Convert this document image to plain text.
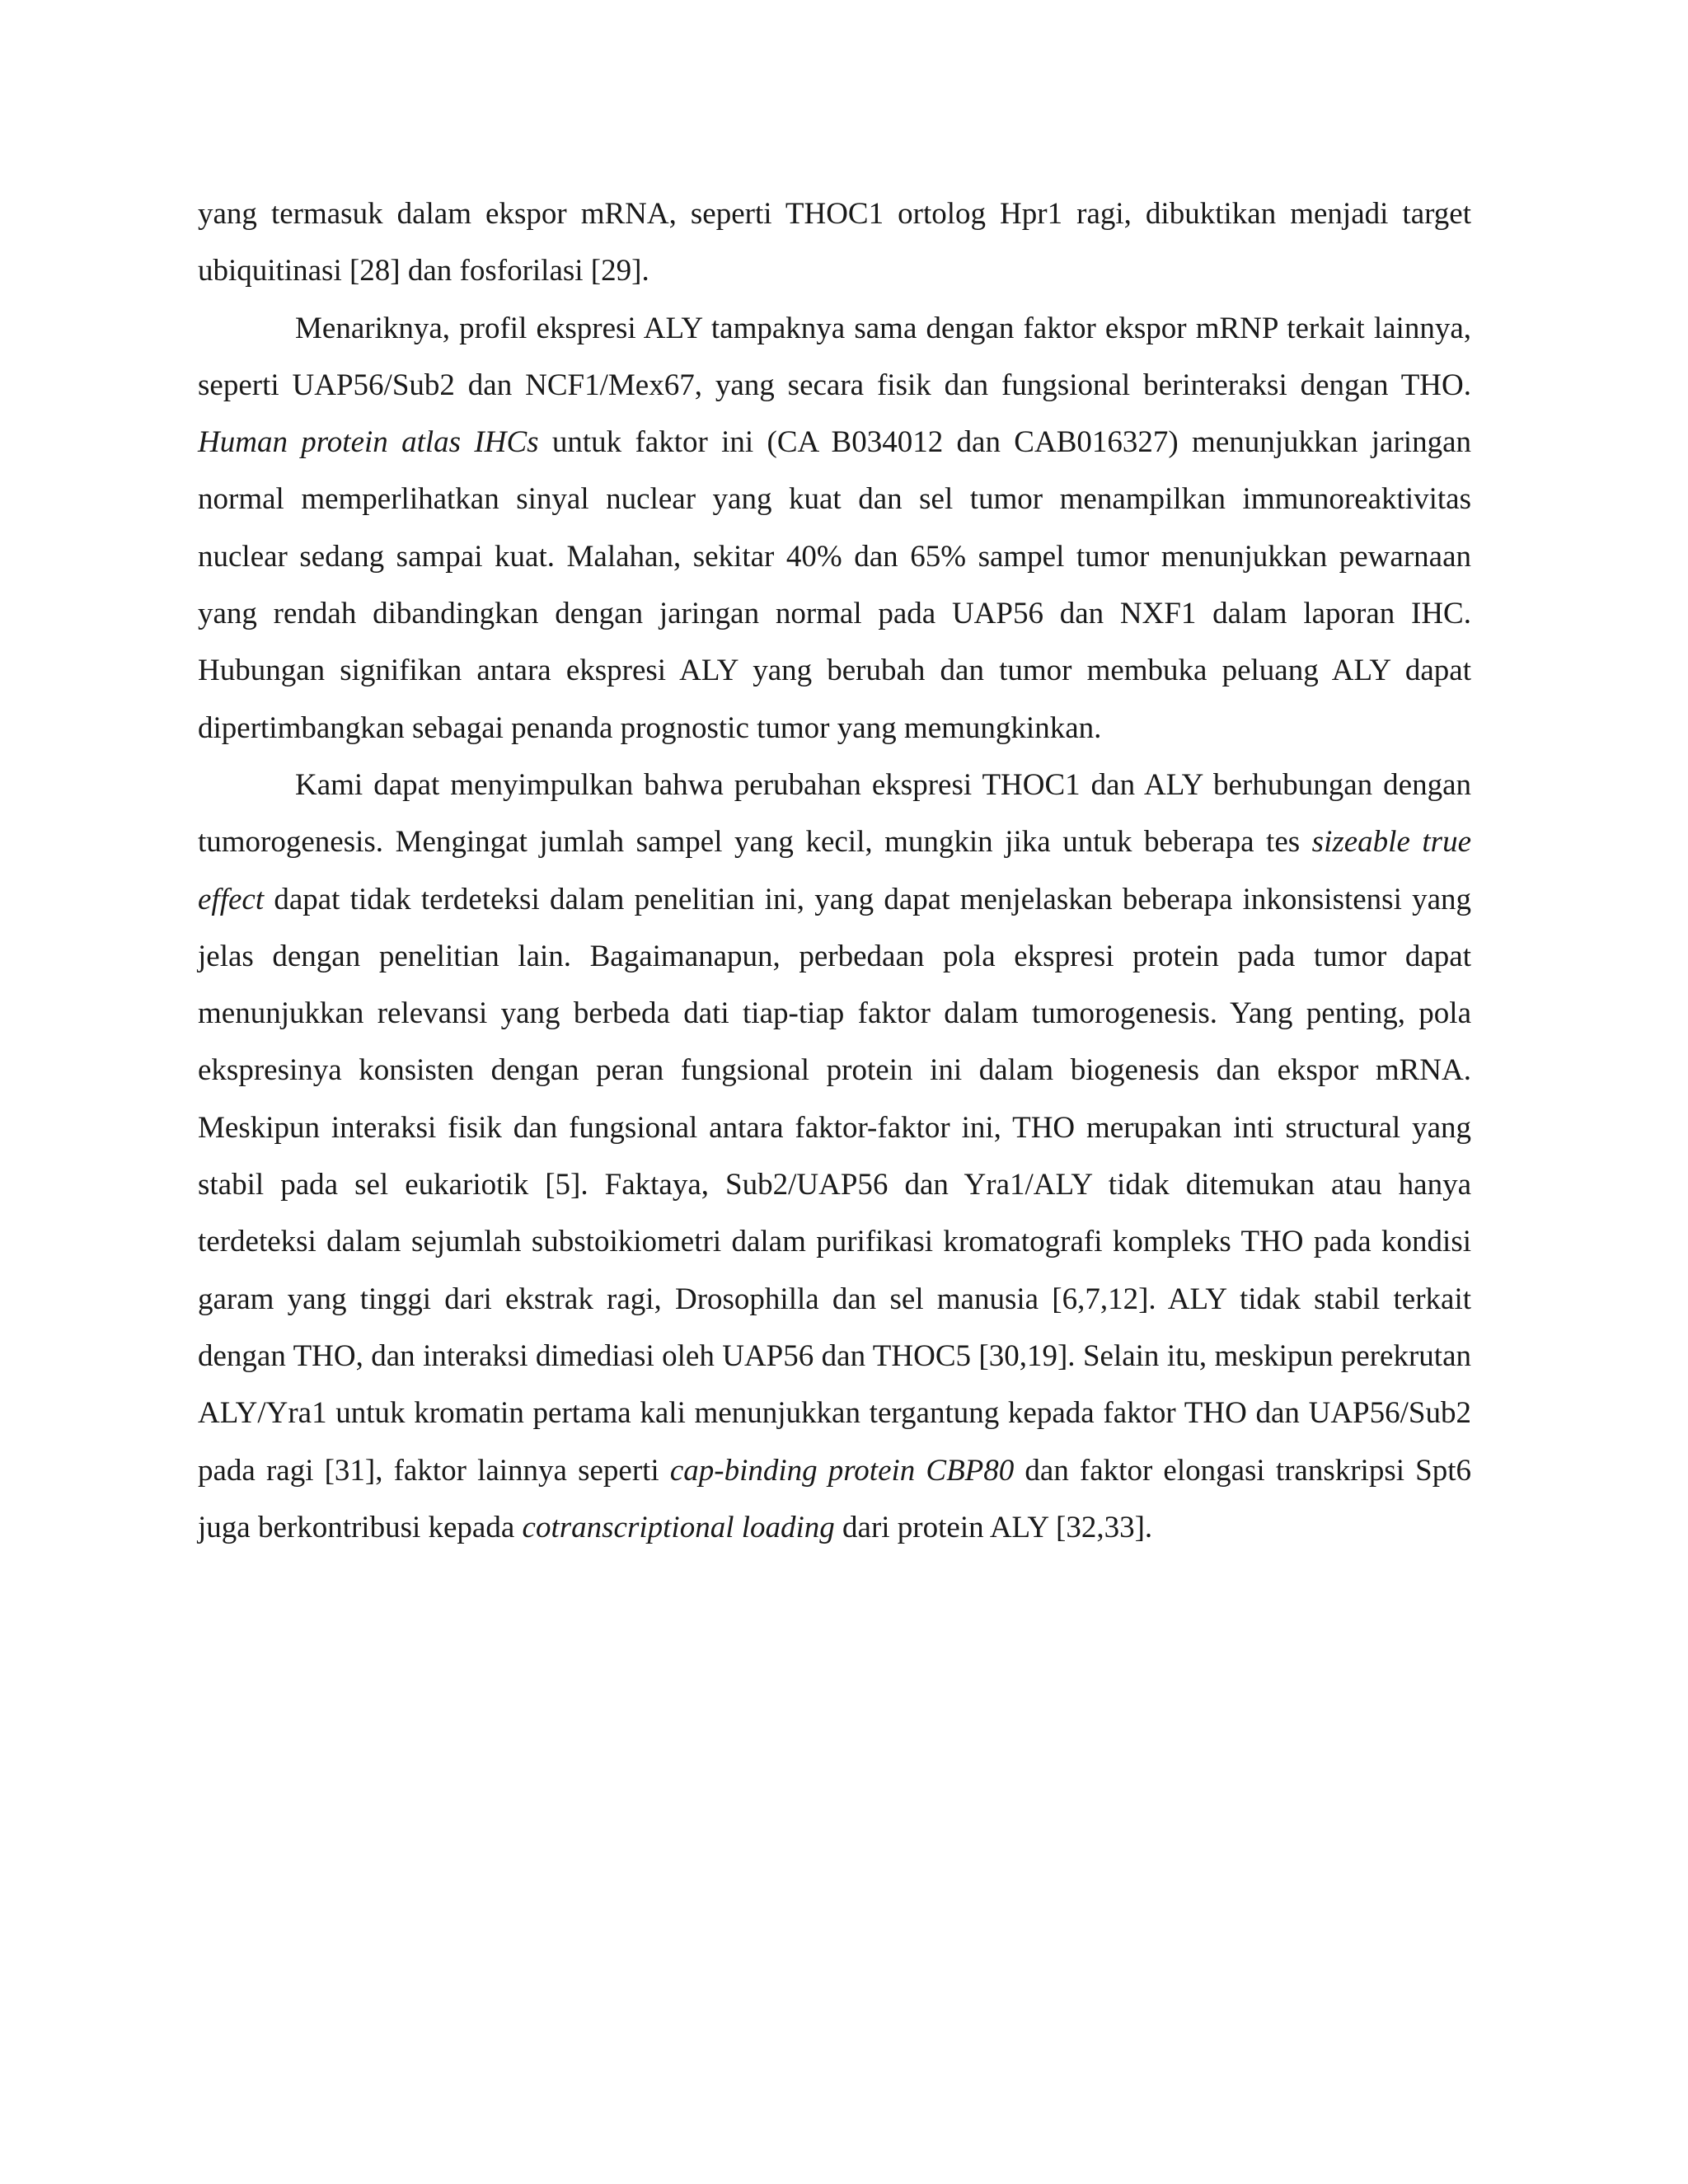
yang termasuk dalam ekspor mRNA, seperti THOC1 ortolog Hpr1 ragi, dibuktikan menjadi target ubiquitinasi [28] dan fosforilasi [29].

Menariknya, profil ekspresi ALY tampaknya sama dengan faktor ekspor mRNP terkait lainnya, seperti UAP56/Sub2 dan NCF1/Mex67, yang secara fisik dan fungsional berinteraksi dengan THO. Human protein atlas IHCs untuk faktor ini (CA B034012 dan CAB016327) menunjukkan jaringan normal memperlihatkan sinyal nuclear yang kuat dan sel tumor menampilkan immunoreaktivitas nuclear sedang sampai kuat. Malahan, sekitar 40% dan 65% sampel tumor menunjukkan pewarnaan yang rendah dibandingkan dengan jaringan normal pada UAP56 dan NXF1 dalam laporan IHC. Hubungan signifikan antara ekspresi ALY yang berubah dan tumor membuka peluang ALY dapat dipertimbangkan sebagai penanda prognostic tumor yang memungkinkan.

Kami dapat menyimpulkan bahwa perubahan ekspresi THOC1 dan ALY berhubungan dengan tumorogenesis. Mengingat jumlah sampel yang kecil, mungkin jika untuk beberapa tes sizeable true effect dapat tidak terdeteksi dalam penelitian ini, yang dapat menjelaskan beberapa inkonsistensi yang jelas dengan penelitian lain. Bagaimanapun, perbedaan pola ekspresi protein pada tumor dapat menunjukkan relevansi yang berbeda dati tiap-tiap faktor dalam tumorogenesis. Yang penting, pola ekspresinya konsisten dengan peran fungsional protein ini dalam biogenesis dan ekspor mRNA. Meskipun interaksi fisik dan fungsional antara faktor-faktor ini, THO merupakan inti structural yang stabil pada sel eukariotik [5]. Faktaya, Sub2/UAP56 dan Yra1/ALY tidak ditemukan atau hanya terdeteksi dalam sejumlah substoikiometri dalam purifikasi kromatografi kompleks THO pada kondisi garam yang tinggi dari ekstrak ragi, Drosophilla dan sel manusia [6,7,12]. ALY tidak stabil terkait dengan THO, dan interaksi dimediasi oleh UAP56 dan THOC5 [30,19]. Selain itu, meskipun perekrutan ALY/Yra1 untuk kromatin pertama kali menunjukkan tergantung kepada faktor THO dan UAP56/Sub2 pada ragi [31], faktor lainnya seperti cap-binding protein CBP80 dan faktor elongasi transkripsi Spt6 juga berkontribusi kepada cotranscriptional loading dari protein ALY [32,33].
